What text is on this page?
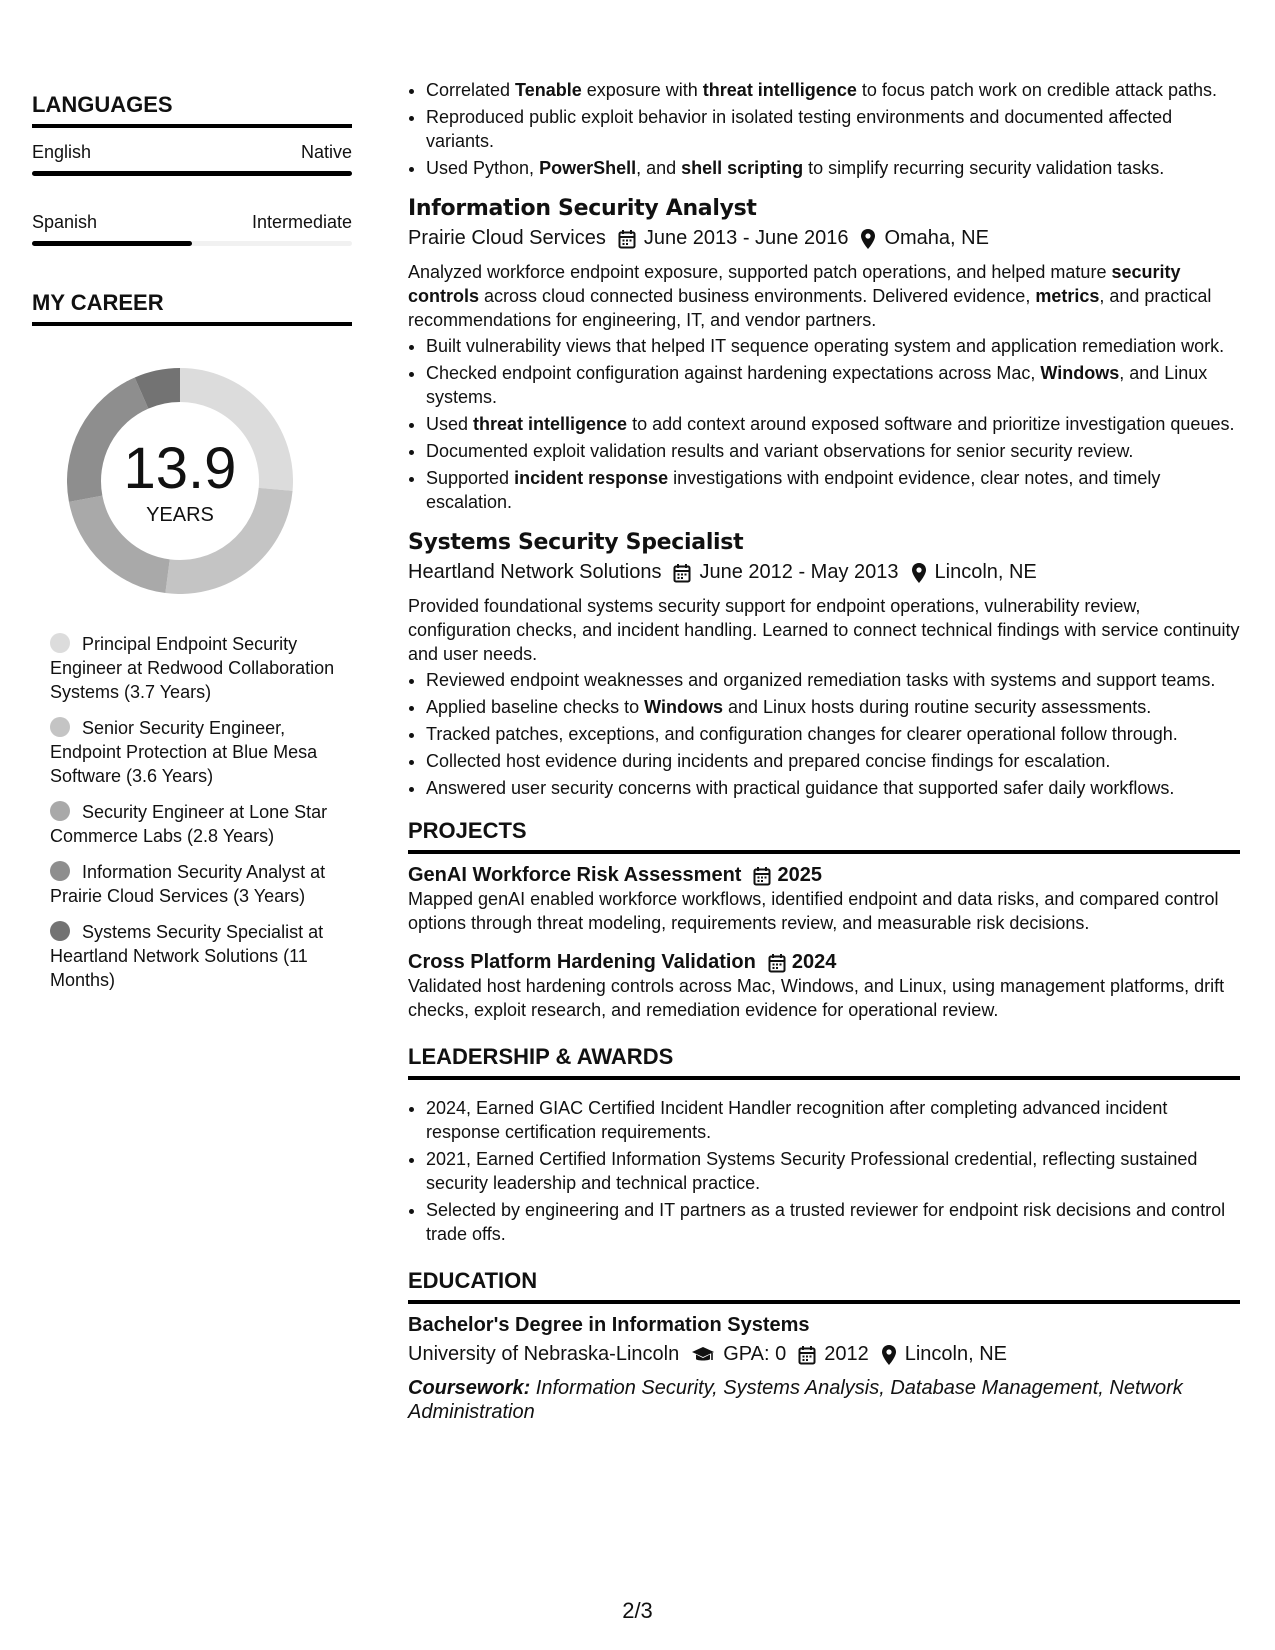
LANGUAGES
English	Native
Spanish	Intermediate
MY CAREER
13.9
YEARS
Principal Endpoint Security Engineer at Redwood Collaboration Systems (3.7 Years)
Senior Security Engineer, Endpoint Protection at Blue Mesa Software (3.6 Years)
Security Engineer at Lone Star Commerce Labs (2.8 Years)
Information Security Analyst at Prairie Cloud Services (3 Years)
Systems Security Specialist at Heartland Network Solutions (11 Months)
• Correlated Tenable exposure with threat intelligence to focus patch work on credible attack paths.
• Reproduced public exploit behavior in isolated testing environments and documented affected variants.
• Used Python, PowerShell, and shell scripting to simplify recurring security validation tasks.
Information Security Analyst
Prairie Cloud Services June 2013 - June 2016 Omaha, NE
Analyzed workforce endpoint exposure, supported patch operations, and helped mature security controls across cloud connected business environments. Delivered evidence, metrics, and practical recommendations for engineering, IT, and vendor partners.
• Built vulnerability views that helped IT sequence operating system and application remediation work.
• Checked endpoint configuration against hardening expectations across Mac, Windows, and Linux systems.
• Used threat intelligence to add context around exposed software and prioritize investigation queues.
• Documented exploit validation results and variant observations for senior security review.
• Supported incident response investigations with endpoint evidence, clear notes, and timely escalation.
Systems Security Specialist
Heartland Network Solutions June 2012 - May 2013 Lincoln, NE
Provided foundational systems security support for endpoint operations, vulnerability review, configuration checks, and incident handling. Learned to connect technical findings with service continuity and user needs.
• Reviewed endpoint weaknesses and organized remediation tasks with systems and support teams.
• Applied baseline checks to Windows and Linux hosts during routine security assessments.
• Tracked patches, exceptions, and configuration changes for clearer operational follow through.
• Collected host evidence during incidents and prepared concise findings for escalation.
• Answered user security concerns with practical guidance that supported safer daily workflows.
PROJECTS
GenAI Workforce Risk Assessment 2025
Mapped genAI enabled workforce workflows, identified endpoint and data risks, and compared control options through threat modeling, requirements review, and measurable risk decisions.
Cross Platform Hardening Validation 2024
Validated host hardening controls across Mac, Windows, and Linux, using management platforms, drift checks, exploit research, and remediation evidence for operational review.
LEADERSHIP & AWARDS
• 2024, Earned GIAC Certified Incident Handler recognition after completing advanced incident response certification requirements.
• 2021, Earned Certified Information Systems Security Professional credential, reflecting sustained security leadership and technical practice.
• Selected by engineering and IT partners as a trusted reviewer for endpoint risk decisions and control trade offs.
EDUCATION
Bachelor's Degree in Information Systems
University of Nebraska-Lincoln GPA: 0 2012 Lincoln, NE
Coursework: Information Security, Systems Analysis, Database Management, Network Administration
2/3
